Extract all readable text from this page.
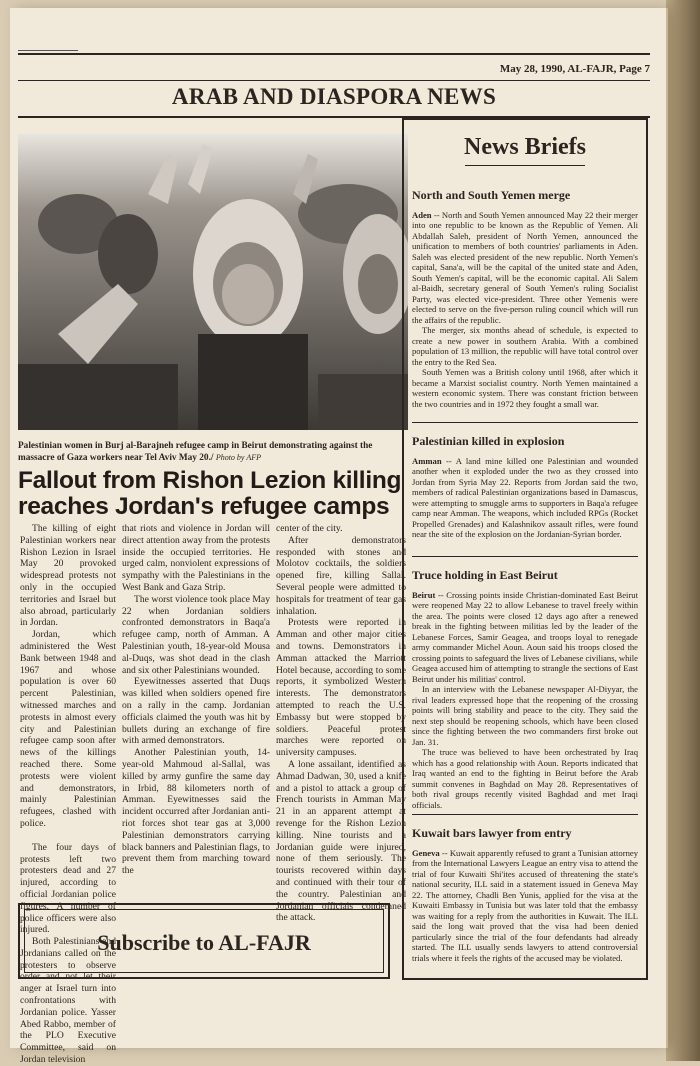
May 28, 1990, AL-FAJR, Page 7
ARAB AND DIASPORA NEWS
Palestinian women in Burj al-Barajneh refugee camp in Beirut demonstrating against the massacre of Gaza workers near Tel Aviv May 20./ Photo by AFP
Fallout from Rishon Lezion killing reaches Jordan's refugee camps

The killing of eight Palestinian workers near Rishon Lezion in Israel May 20 provoked widespread protests not only in the occupied territories and Israel but also abroad, particularly in Jordan.

Jordan, which administered the West Bank between 1948 and 1967 and whose population is over 60 percent Palestinian, witnessed marches and protests in almost every city and Palestinian refugee camp soon after news of the killings reached there. Some protests were violent and demonstrators, mainly Palestinian refugees, clashed with police.

The four days of protests left two protesters dead and 27 injured, according to official Jordanian police figures. A number of police officers were also injured.

Both Palestinians and Jordanians called on the protesters to observe order and not let their anger at Israel turn into confrontations with Jordanian police. Yasser Abed Rabbo, member of the PLO Executive Committee, said on Jordan television

that riots and violence in Jordan will direct attention away from the protests inside the occupied territories. He urged calm, nonviolent expressions of sympathy with the Palestinians in the West Bank and Gaza Strip.

The worst violence took place May 22 when Jordanian soldiers confronted demonstrators in Baqa'a refugee camp, north of Amman. A Palestinian youth, 18-year-old Mousa al-Duqs, was shot dead in the clash and six other Palestinians wounded.

Eyewitnesses asserted that Duqs was killed when soldiers opened fire on a rally in the camp. Jordanian officials claimed the youth was hit by bullets during an exchange of fire with armed demonstrators.

Another Palestinian youth, 14-year-old Mahmoud al-Sallal, was killed by army gunfire the same day in Irbid, 88 kilometers north of Amman. Eyewitnesses said the incident occurred after Jordanian anti-riot forces shot tear gas at 3,000 Palestinian demonstrators carrying black banners and Palestinian flags, to prevent them from marching toward the

center of the city.

After demonstrators responded with stones and Molotov cocktails, the soldiers opened fire, killing Sallal. Several people were admitted to hospitals for treatment of tear gas inhalation.

Protests were reported in Amman and other major cities and towns. Demonstrators in Amman attacked the Marriott Hotel because, according to some reports, it symbolized Western interests. The demonstrators attempted to reach the U.S. Embassy but were stopped by soldiers. Peaceful protest marches were reported on university campuses.

A lone assailant, identified as Ahmad Dadwan, 30, used a knife and a pistol to attack a group of French tourists in Amman May 21 in an apparent attempt at revenge for the Rishon Lezion killing. Nine tourists and a Jordanian guide were injured, none of them seriously. The tourists recovered within days and continued with their tour of the country. Palestinian and Jordanian officials condemned the attack.

Subscribe to AL-FAJR
News Briefs
North and South Yemen merge

Aden -- North and South Yemen announced May 22 their merger into one republic to be known as the Republic of Yemen. Ali Abdallah Saleh, president of North Yemen, announced the unification to members of both countries' parliaments in Aden. Saleh was elected president of the new republic. North Yemen's capital, Sana'a, will be the capital of the united state and Aden, South Yemen's capital, will be the economic capital. Ali Salem al-Baidh, secretary general of South Yemen's ruling Socialist Party, was elected vice-president. Three other Yemenis were elected to serve on the five-person ruling council which will run the affairs of the republic.

The merger, six months ahead of schedule, is expected to create a new power in southern Arabia. With a combined population of 13 million, the republic will have total control over the entry to the Red Sea.

South Yemen was a British colony until 1968, after which it became a Marxist socialist country. North Yemen maintained a western economic system. There was constant friction between the two countries and in 1972 they fought a small war.

Palestinian killed in explosion

Amman -- A land mine killed one Palestinian and wounded another when it exploded under the two as they crossed into Jordan from Syria May 22. Reports from Jordan said the two, members of radical Palestinian organizations based in Damascus, were attempting to smuggle arms to supporters in Baqa'a refugee camp near Amman. The weapons, which included RPGs (Rocket Propelled Grenades) and Kalashnikov assault rifles, were found near the site of the explosion on the Jordanian-Syrian border.

Truce holding in East Beirut

Beirut -- Crossing points inside Christian-dominated East Beirut were reopened May 22 to allow Lebanese to travel freely within the area. The points were closed 12 days ago after a renewed break in the fighting between militias led by the leader of the Lebanese Forces, Samir Geagea, and troops loyal to renegade army commander Michel Aoun. Aoun said his troops closed the crossing points to safeguard the lives of Lebanese civilians, while Geagea accused him of attempting to strangle the sections of East Beirut under his militias' control.

In an interview with the Lebanese newspaper Al-Diyyar, the rival leaders expressed hope that the reopening of the crossing points will bring stability and peace to the city. They said the next step should be reopening schools, which have been closed since the fighting between the two commanders first broke out Jan. 31.

The truce was believed to have been orchestrated by Iraq which has a good relationship with Aoun. Reports indicated that Iraq wanted an end to the fighting in Beirut before the Arab summit convenes in Baghdad on May 28. Representatives of both rival groups recently visited Baghdad and met Iraqi officials.

Kuwait bars lawyer from entry

Geneva -- Kuwait apparently refused to grant a Tunisian attorney from the International Lawyers League an entry visa to attend the trial of four Kuwaiti Shi'ites accused of threatening the state's national security, ILL said in a statement issued in Geneva May 22. The attorney, Chadli Ben Yunis, applied for the visa at the Kuwaiti Embassy in Tunisia but was later told that the embassy was waiting for a reply from the authorities in Kuwait. The ILL said the long wait proved that the visa had been denied particularly since the trial of the four defendants had already started. The ILL usually sends lawyers to attend controversial trials where it feels the rights of the accused may be violated.
